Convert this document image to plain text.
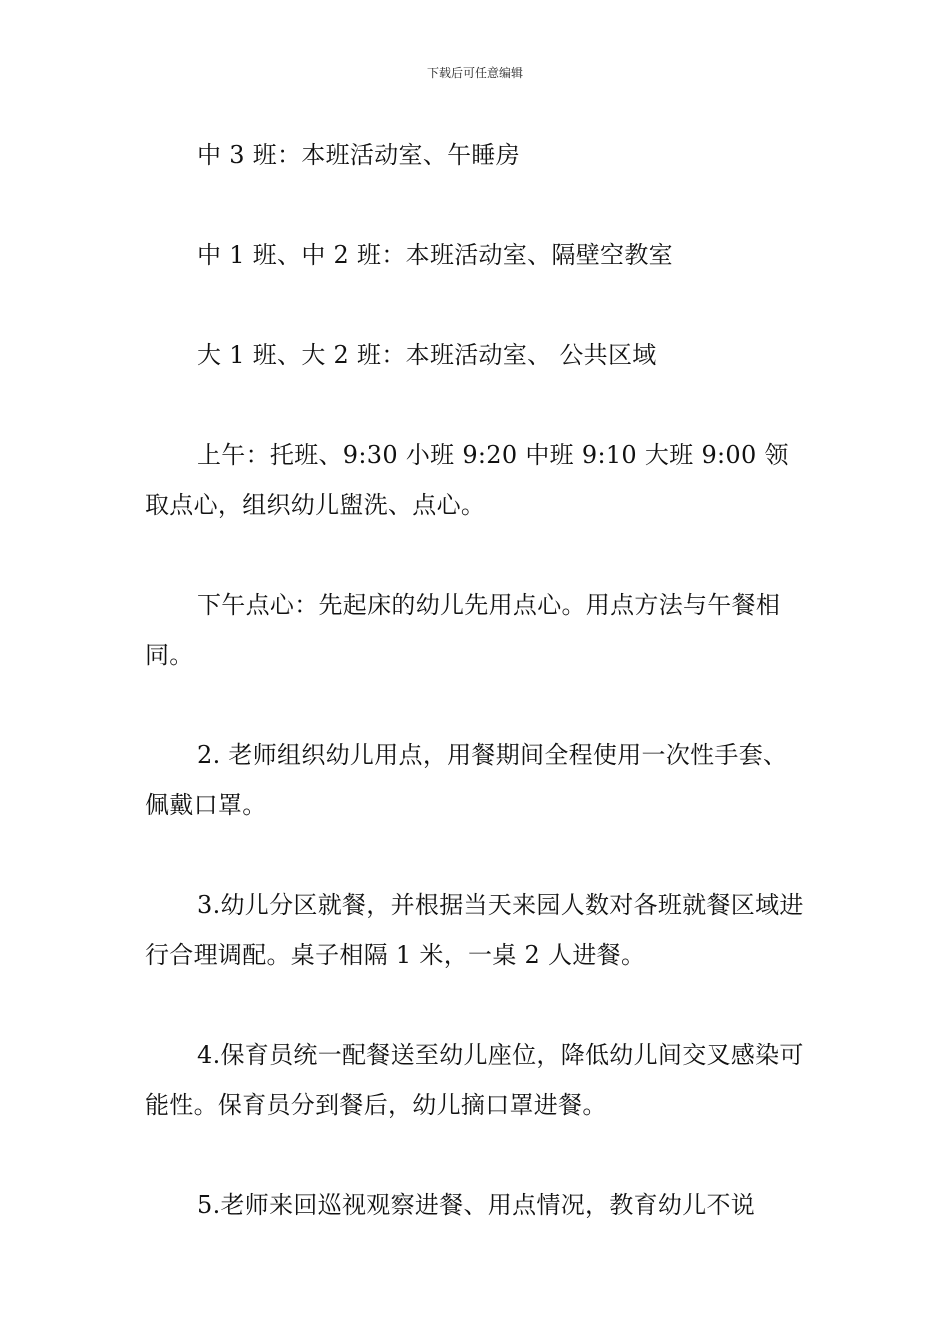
下载后可任意编辑

中 3 班：本班活动室、午睡房

中 1 班、中 2 班：本班活动室、隔壁空教室

大 1 班、大 2 班：本班活动室、 公共区域

上午：托班、9:30 小班 9:20 中班 9:10 大班 9:00 领取点心，组织幼儿盥洗、点心。

下午点心：先起床的幼儿先用点心。用点方法与午餐相同。

2. 老师组织幼儿用点，用餐期间全程使用一次性手套、佩戴口罩。

3.幼儿分区就餐，并根据当天来园人数对各班就餐区域进行合理调配。桌子相隔 1 米，一桌 2 人进餐。

4.保育员统一配餐送至幼儿座位，降低幼儿间交叉感染可能性。保育员分到餐后，幼儿摘口罩进餐。

5.老师来回巡视观察进餐、用点情况，教育幼儿不说
